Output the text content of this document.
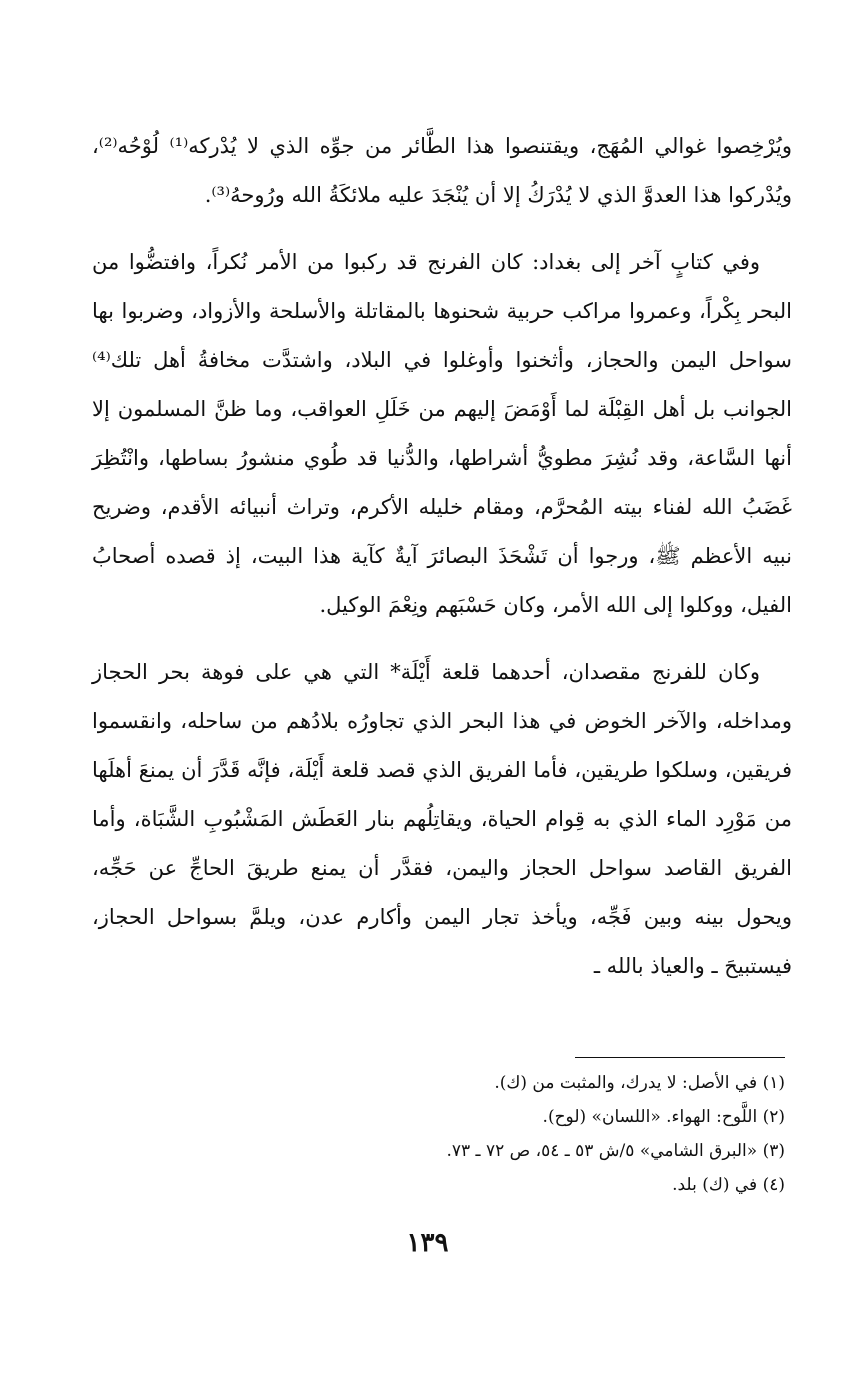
ويُرْخِصوا غوالي المُهَج، ويقتنصوا هذا الطَّائر من جوِّه الذي لا يُدْركه⁽¹⁾ لُوْحُه⁽²⁾، ويُدْركوا هذا العدوَّ الذي لا يُدْرَكُ إلا أن يُنْجَدَ عليه ملائكَةُ الله ورُوحهُ⁽³⁾.

وفي كتابٍ آخر إلى بغداد: كان الفرنج قد ركبوا من الأمر نُكراً، وافتضُّوا من البحر بِكْراً، وعمروا مراكب حربية شحنوها بالمقاتلة والأسلحة والأزواد، وضربوا بها سواحل اليمن والحجاز، وأثخنوا وأوغلوا في البلاد، واشتدَّت مخافةُ أهل تلك⁽⁴⁾ الجوانب بل أهل القِبْلَة لما أَوْمَضَ إليهم من خَلَلِ العواقب، وما ظنَّ المسلمون إلا أنها السَّاعة، وقد نُشِرَ مطويُّ أشراطها، والدُّنيا قد طُوي منشورُ بساطها، وانْتُظِرَ غَضَبُ الله لفناء بيته المُحرَّم، ومقام خليله الأكرم، وتراث أنبيائه الأقدم، وضريح نبيه الأعظم ﷺ، ورجوا أن تَشْحَذَ البصائرَ آيةٌ كآية هذا البيت، إذ قصده أصحابُ الفيل، ووكلوا إلى الله الأمر، وكان حَسْبَهم ونِعْمَ الوكيل.

وكان للفرنج مقصدان، أحدهما قلعة أَيْلَة* التي هي على فوهة بحر الحجاز ومداخله، والآخر الخوض في هذا البحر الذي تجاورُه بلادُهم من ساحله، وانقسموا فريقين، وسلكوا طريقين، فأما الفريق الذي قصد قلعة أَيْلَة، فإنَّه قَدَّرَ أن يمنعَ أهلَها من مَوْرِد الماء الذي به قِوام الحياة، ويقاتِلُهم بنار العَطَش المَشْبُوبِ الشَّبَاة، وأما الفريق القاصد سواحل الحجاز واليمن، فقدَّر أن يمنع طريقَ الحاجِّ عن حَجِّه، ويحول بينه وبين فَجِّه، ويأخذ تجار اليمن وأكارم عدن، ويلمَّ بسواحل الحجاز، فيستبيحَ ـ والعياذ بالله ـ

(١) في الأصل: لا يدرك، والمثبت من (ك).

(٢) اللَّوح: الهواء. «اللسان» (لوح).

(٣) «البرق الشامي» ٥/ش ٥٣ ـ ٥٤، ص ٧٢ ـ ٧٣.

(٤) في (ك) بلد.

١٣٩
